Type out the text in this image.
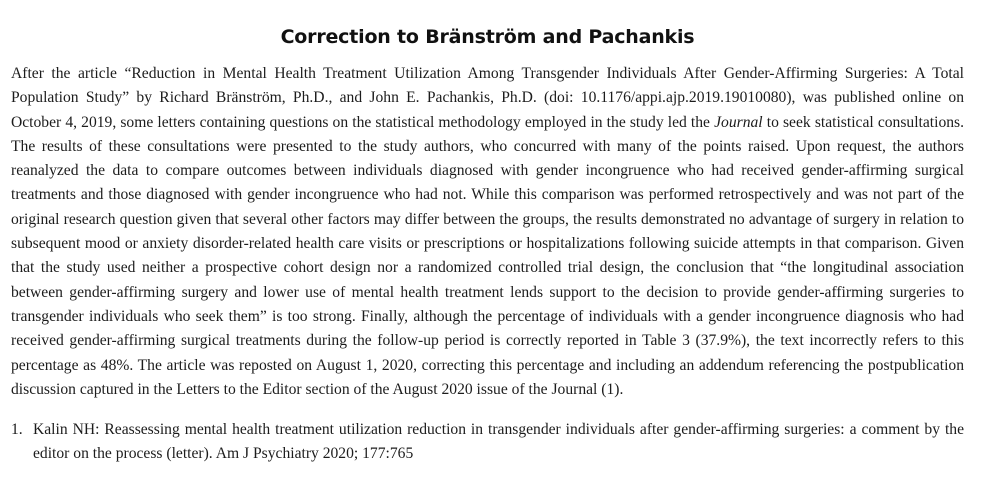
Correction to Bränström and Pachankis

After the article “Reduction in Mental Health Treatment Utilization Among Transgender Individuals After Gender-Affirming Surgeries: A Total Population Study” by Richard Bränström, Ph.D., and John E. Pachankis, Ph.D. (doi: 10.1176/appi.ajp.2019.19010080), was published online on October 4, 2019, some letters containing questions on the statistical methodology employed in the study led the Journal to seek statistical consultations. The results of these consultations were presented to the study authors, who concurred with many of the points raised. Upon request, the authors reanalyzed the data to compare outcomes between individuals diagnosed with gender incongruence who had received gender-affirming surgical treatments and those diagnosed with gender incongruence who had not. While this comparison was performed retrospectively and was not part of the original research question given that several other factors may differ between the groups, the results demonstrated no advantage of surgery in relation to subsequent mood or anxiety disorder-related health care visits or prescriptions or hospitalizations following suicide attempts in that comparison. Given that the study used neither a prospective cohort design nor a randomized controlled trial design, the conclusion that “the longitudinal association between gender-affirming surgery and lower use of mental health treatment lends support to the decision to provide gender-affirming surgeries to transgender individuals who seek them” is too strong. Finally, although the percentage of individuals with a gender incongruence diagnosis who had received gender-affirming surgical treatments during the follow-up period is correctly reported in Table 3 (37.9%), the text incorrectly refers to this percentage as 48%. The article was reposted on August 1, 2020, correcting this percentage and including an addendum referencing the postpublication discussion captured in the Letters to the Editor section of the August 2020 issue of the Journal (1).

1. Kalin NH: Reassessing mental health treatment utilization reduction in transgender individuals after gender-affirming surgeries: a comment by the editor on the process (letter). Am J Psychiatry 2020; 177:765
